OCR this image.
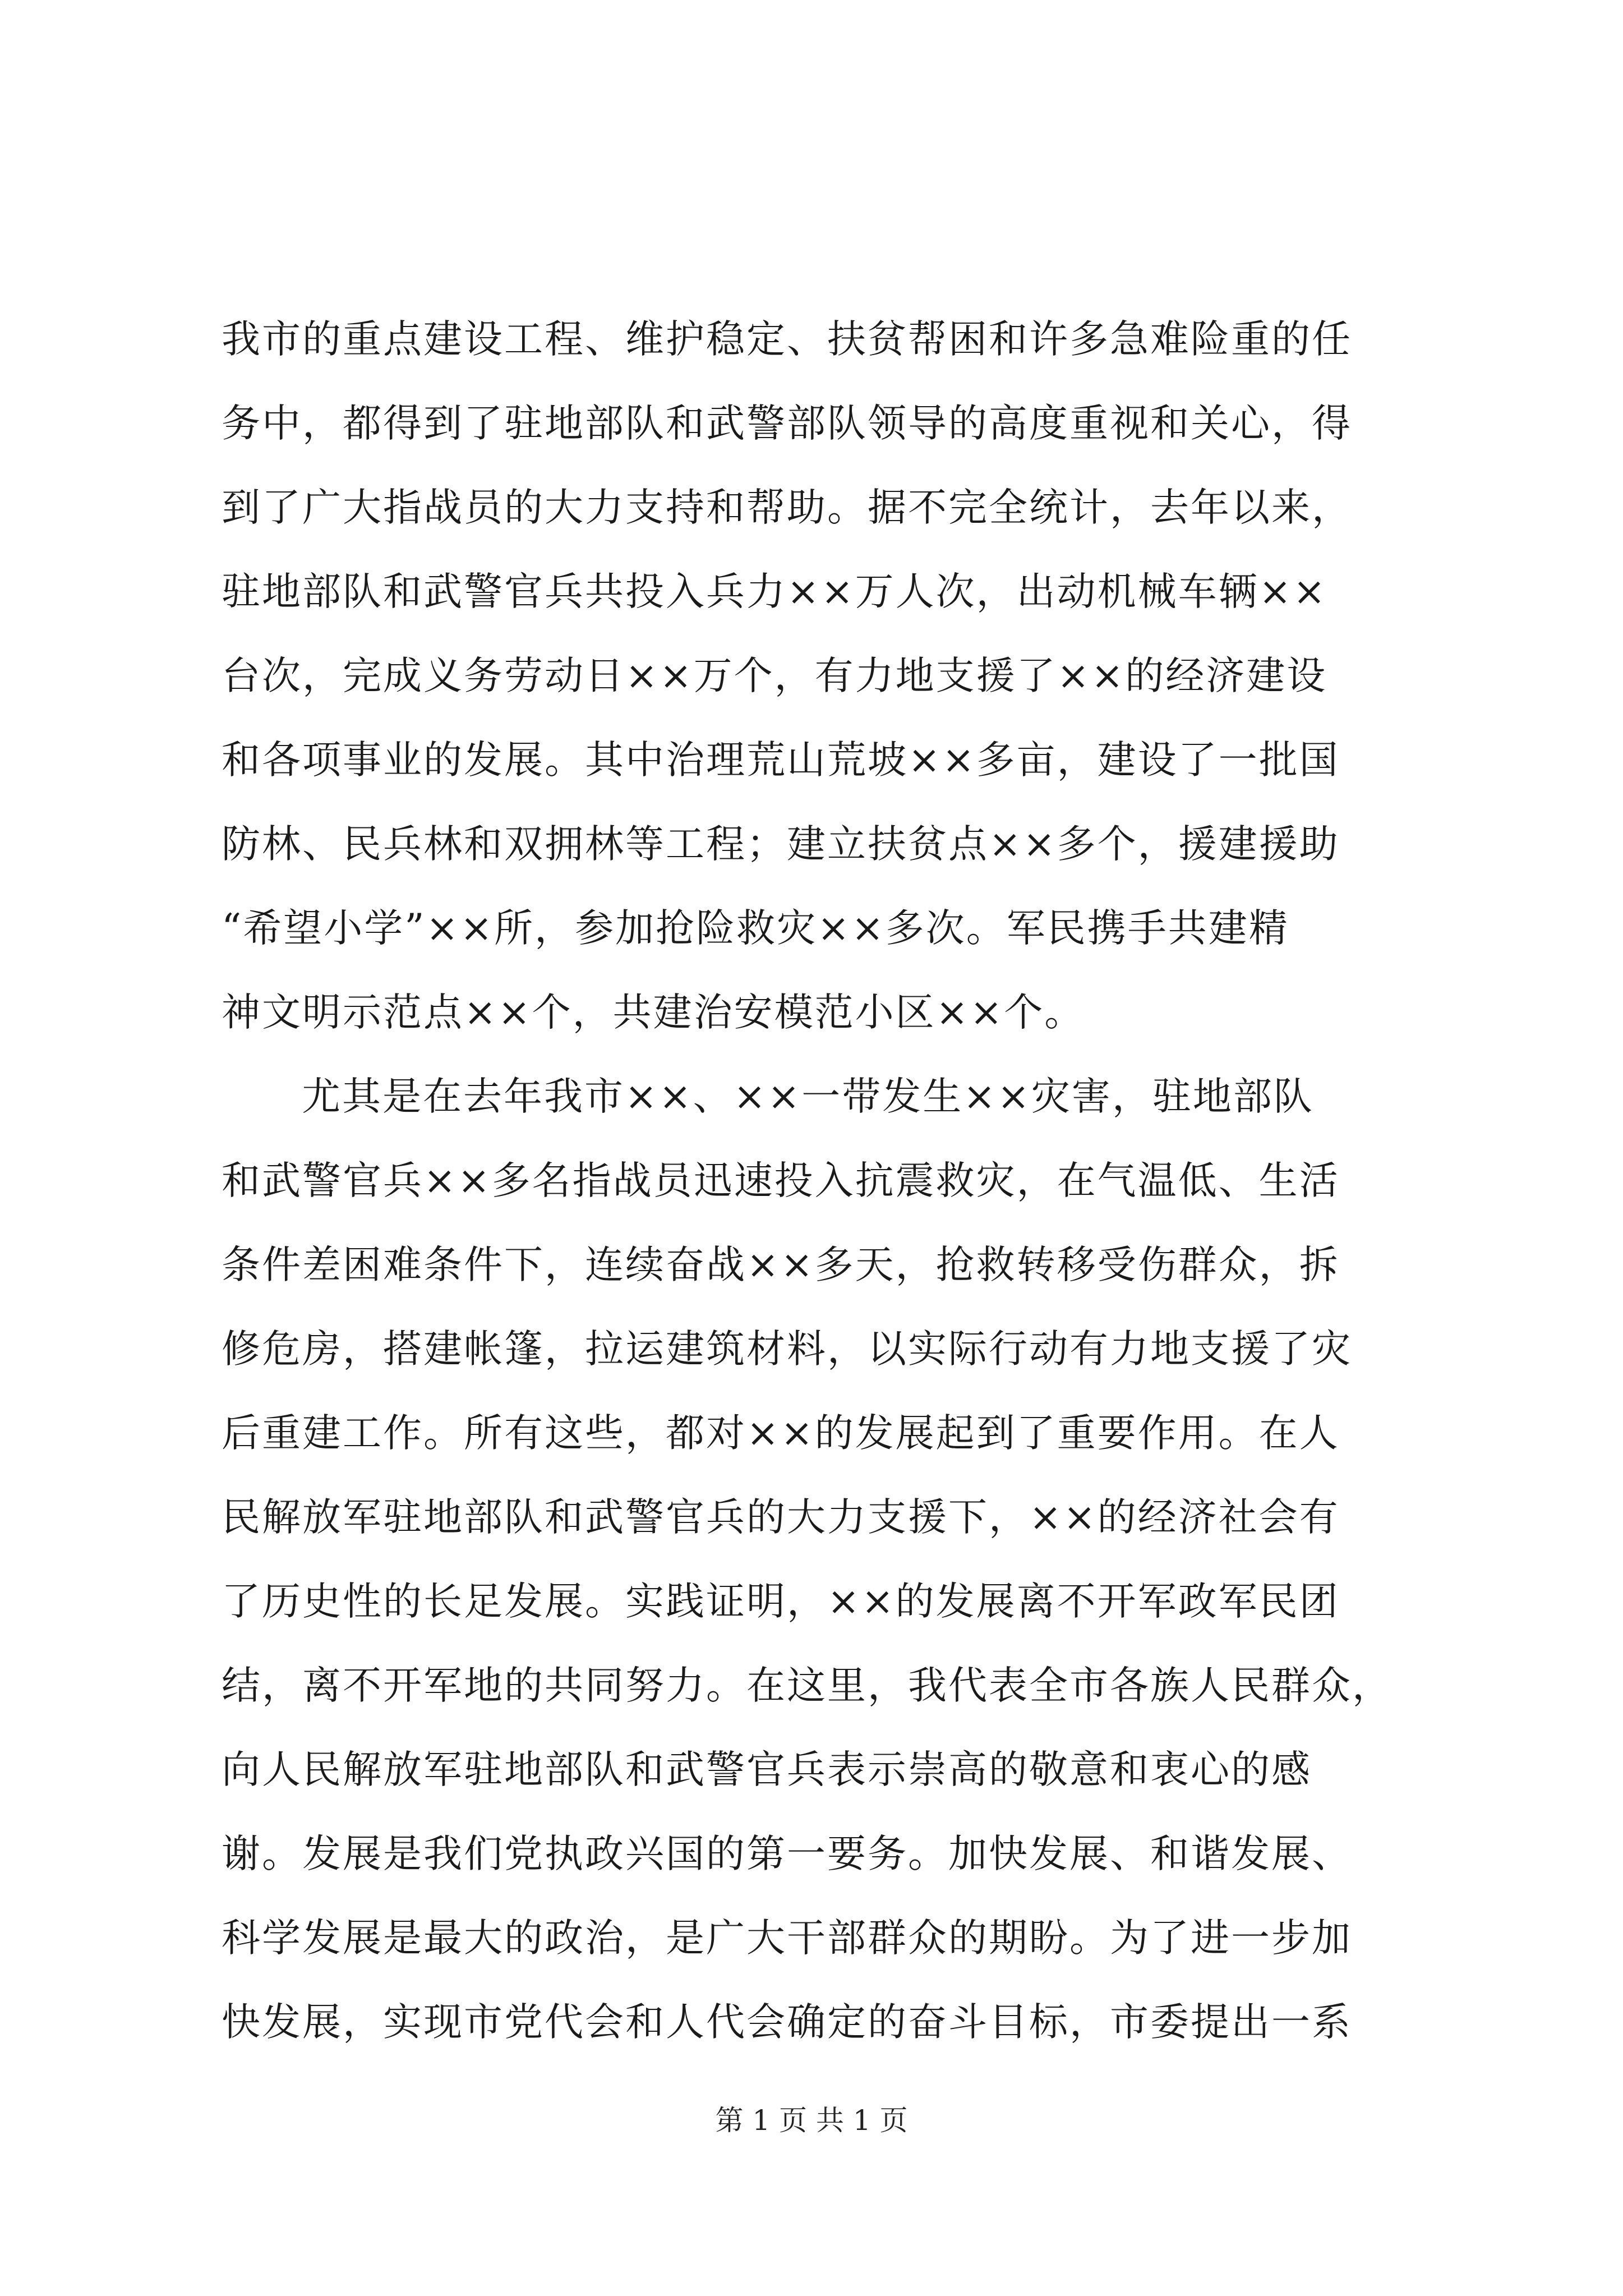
我市的重点建设工程、维护稳定、扶贫帮困和许多急难险重的任
务中，都得到了驻地部队和武警部队领导的高度重视和关心，得
到了广大指战员的大力支持和帮助。据不完全统计，去年以来，
驻地部队和武警官兵共投入兵力××万人次，出动机械车辆××
台次，完成义务劳动日××万个，有力地支援了××的经济建设
和各项事业的发展。其中治理荒山荒坡××多亩，建设了一批国
防林、民兵林和双拥林等工程；建立扶贫点××多个，援建援助
“希望小学”××所，参加抢险救灾××多次。军民携手共建精
神文明示范点××个，共建治安模范小区××个。
尤其是在去年我市××、××一带发生××灾害，驻地部队
和武警官兵××多名指战员迅速投入抗震救灾，在气温低、生活
条件差困难条件下，连续奋战××多天，抢救转移受伤群众，拆
修危房，搭建帐篷，拉运建筑材料，以实际行动有力地支援了灾
后重建工作。所有这些，都对××的发展起到了重要作用。在人
民解放军驻地部队和武警官兵的大力支援下，××的经济社会有
了历史性的长足发展。实践证明，××的发展离不开军政军民团
结，离不开军地的共同努力。在这里，我代表全市各族人民群众，
向人民解放军驻地部队和武警官兵表示崇高的敬意和衷心的感
谢。发展是我们党执政兴国的第一要务。加快发展、和谐发展、
科学发展是最大的政治，是广大干部群众的期盼。为了进一步加
快发展，实现市党代会和人代会确定的奋斗目标，市委提出一系
第 1 页 共 1 页
